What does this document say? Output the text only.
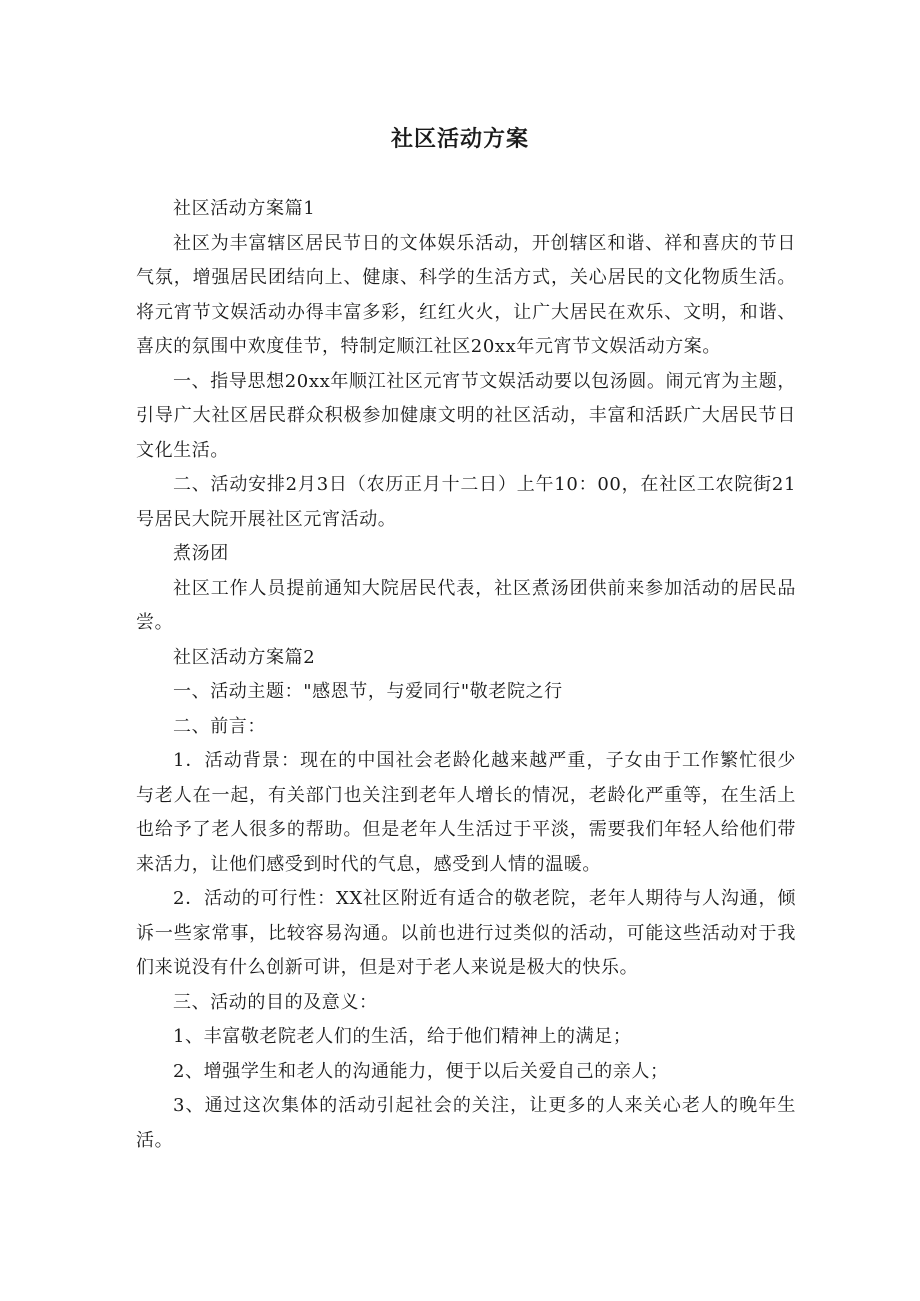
社区活动方案

社区活动方案篇1

社区为丰富辖区居民节日的文体娱乐活动，开创辖区和谐、祥和喜庆的节日气氛，增强居民团结向上、健康、科学的生活方式，关心居民的文化物质生活。将元宵节文娱活动办得丰富多彩，红红火火，让广大居民在欢乐、文明，和谐、喜庆的氛围中欢度佳节，特制定顺江社区20xx年元宵节文娱活动方案。

一、指导思想20xx年顺江社区元宵节文娱活动要以包汤圆。闹元宵为主题，引导广大社区居民群众积极参加健康文明的社区活动，丰富和活跃广大居民节日文化生活。

二、活动安排2月3日（农历正月十二日）上午10：00，在社区工农院街21号居民大院开展社区元宵活动。

煮汤团

社区工作人员提前通知大院居民代表，社区煮汤团供前来参加活动的居民品尝。

社区活动方案篇2

一、活动主题："感恩节，与爱同行"敬老院之行

二、前言：

1．活动背景：现在的中国社会老龄化越来越严重，子女由于工作繁忙很少与老人在一起，有关部门也关注到老年人增长的情况，老龄化严重等，在生活上也给予了老人很多的帮助。但是老年人生活过于平淡，需要我们年轻人给他们带来活力，让他们感受到时代的气息，感受到人情的温暖。

2．活动的可行性：XX社区附近有适合的敬老院，老年人期待与人沟通，倾诉一些家常事，比较容易沟通。以前也进行过类似的活动，可能这些活动对于我们来说没有什么创新可讲，但是对于老人来说是极大的快乐。

三、活动的目的及意义：

1、丰富敬老院老人们的生活，给于他们精神上的满足；

2、增强学生和老人的沟通能力，便于以后关爱自己的亲人；

3、通过这次集体的活动引起社会的关注，让更多的人来关心老人的晚年生活。
